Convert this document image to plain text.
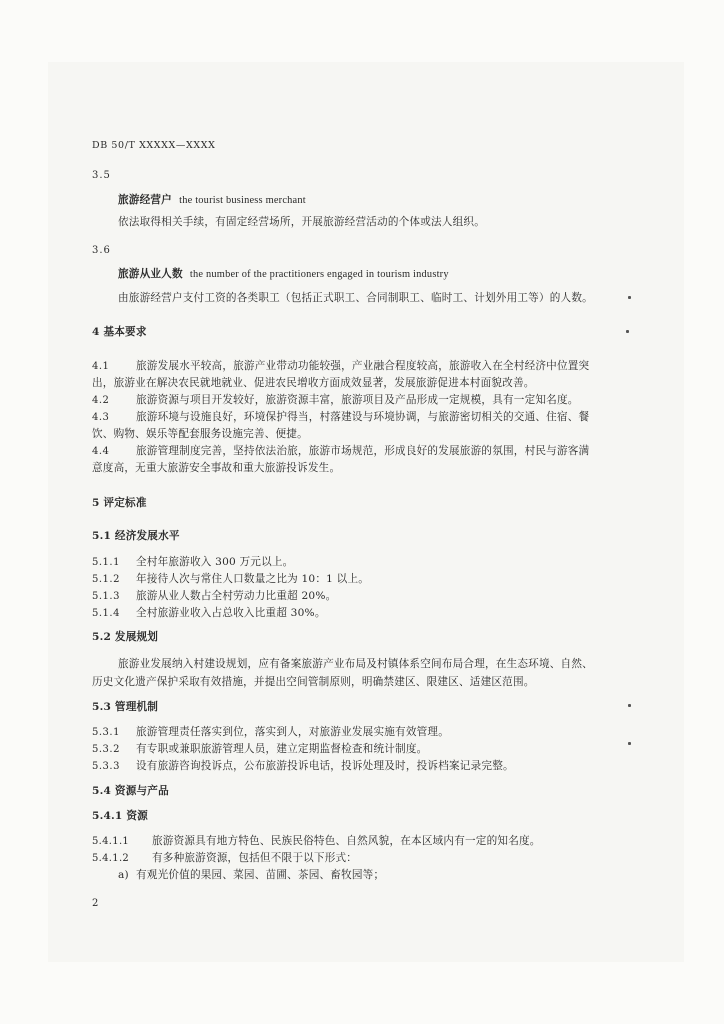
DB 50/T XXXXX—XXXX
3.5
旅游经营户 the tourist business merchant
依法取得相关手续，有固定经营场所，开展旅游经营活动的个体或法人组织。
3.6
旅游从业人数 the number of the practitioners engaged in tourism industry
由旅游经营户支付工资的各类职工（包括正式职工、合同制职工、临时工、计划外用工等）的人数。
4 基本要求
4.1	旅游发展水平较高，旅游产业带动功能较强，产业融合程度较高，旅游收入在全村经济中位置突
出，旅游业在解决农民就地就业、促进农民增收方面成效显著，发展旅游促进本村面貌改善。
4.2	旅游资源与项目开发较好，旅游资源丰富，旅游项目及产品形成一定规模，具有一定知名度。
4.3	旅游环境与设施良好，环境保护得当，村落建设与环境协调，与旅游密切相关的交通、住宿、餐
饮、购物、娱乐等配套服务设施完善、便捷。
4.4	旅游管理制度完善，坚持依法治旅，旅游市场规范，形成良好的发展旅游的氛围，村民与游客满
意度高，无重大旅游安全事故和重大旅游投诉发生。
5 评定标准
5.1 经济发展水平
5.1.1 全村年旅游收入 300 万元以上。
5.1.2 年接待人次与常住人口数量之比为 10：1 以上。
5.1.3 旅游从业人数占全村劳动力比重超 20%。
5.1.4 全村旅游业收入占总收入比重超 30%。
5.2 发展规划
旅游业发展纳入村建设规划，应有备案旅游产业布局及村镇体系空间布局合理，在生态环境、自然、
历史文化遗产保护采取有效措施，并提出空间管制原则，明确禁建区、限建区、适建区范围。
5.3 管理机制
5.3.1 旅游管理责任落实到位，落实到人，对旅游业发展实施有效管理。
5.3.2 有专职或兼职旅游管理人员，建立定期监督检查和统计制度。
5.3.3 设有旅游咨询投诉点，公布旅游投诉电话，投诉处理及时，投诉档案记录完整。
5.4 资源与产品
5.4.1 资源
5.4.1.1 旅游资源具有地方特色、民族民俗特色、自然风貌，在本区域内有一定的知名度。
5.4.1.2 有多种旅游资源，包括但不限于以下形式：
a) 有观光价值的果园、菜园、苗圃、茶园、畜牧园等；
2
